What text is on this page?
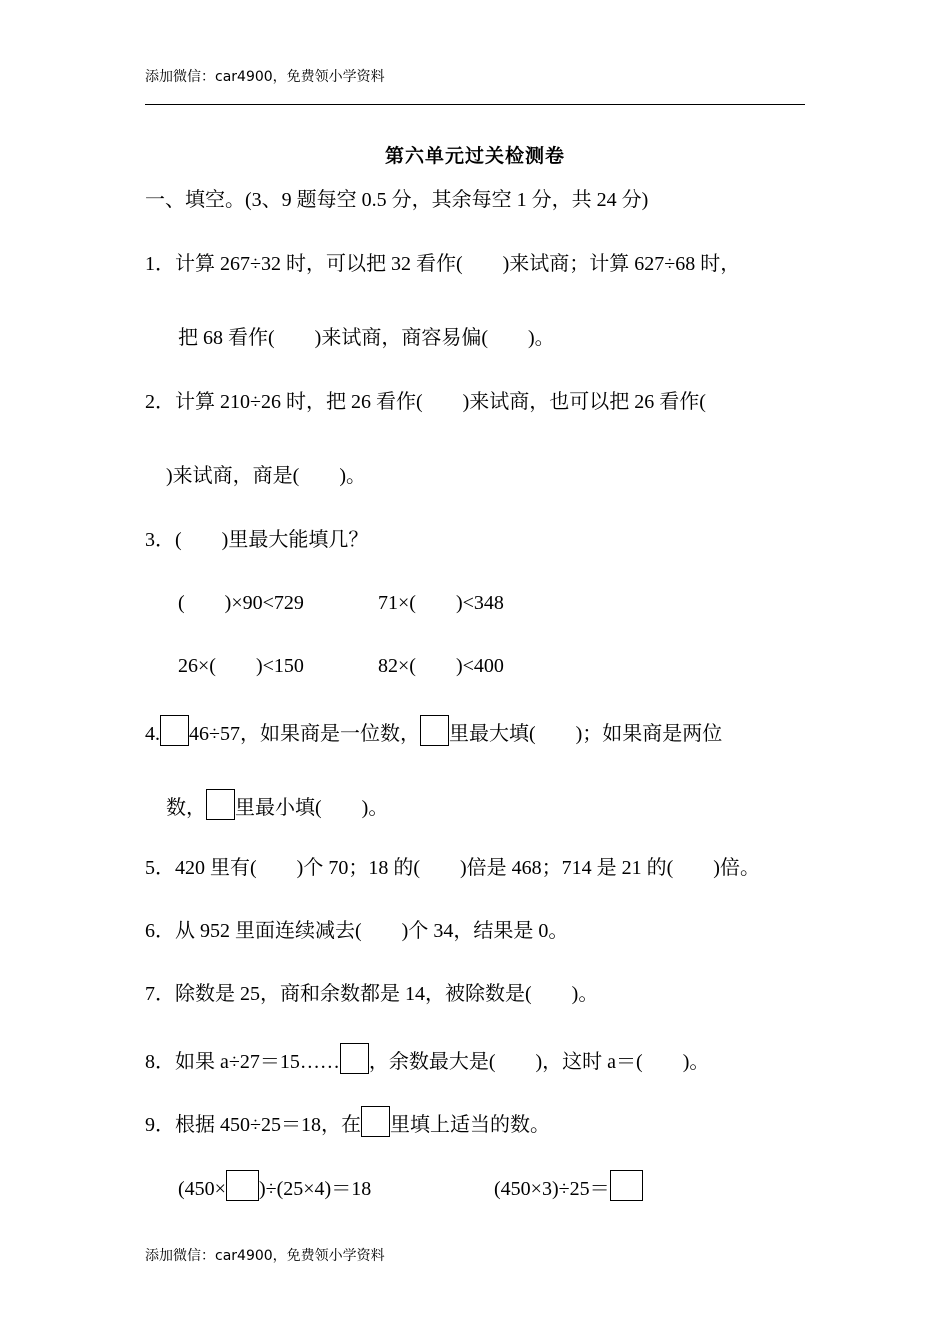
添加微信：car4900，免费领小学资料
第六单元过关检测卷
一、填空。(3、9 题每空 0.5 分，其余每空 1 分，共 24 分)
1．计算 267÷32 时，可以把 32 看作(　　)来试商；计算 627÷68 时，
把 68 看作(　　)来试商，商容易偏(　　)。
2．计算 210÷26 时，把 26 看作(　　)来试商，也可以把 26 看作(
)来试商，商是(　　)。
3．(　　)里最大能填几？
(　　)×90<729	71×(　　)<348
26×(　　)<150	82×(　　)<400
4. 46÷57，如果商是一位数， 里最大填(　　)；如果商是两位
数， 里最小填(　　)。
5．420 里有(　　)个 70；18 的(　　)倍是 468；714 是 21 的(　　)倍。
6．从 952 里面连续减去(　　)个 34，结果是 0。
7．除数是 25，商和余数都是 14，被除数是(　　)。
8．如果 a÷27＝15…… ，余数最大是(　　)，这时 a＝(　　)。
9．根据 450÷25＝18，在 里填上适当的数。
(450× )÷(25×4)＝18	(450×3)÷25＝
添加微信：car4900，免费领小学资料
